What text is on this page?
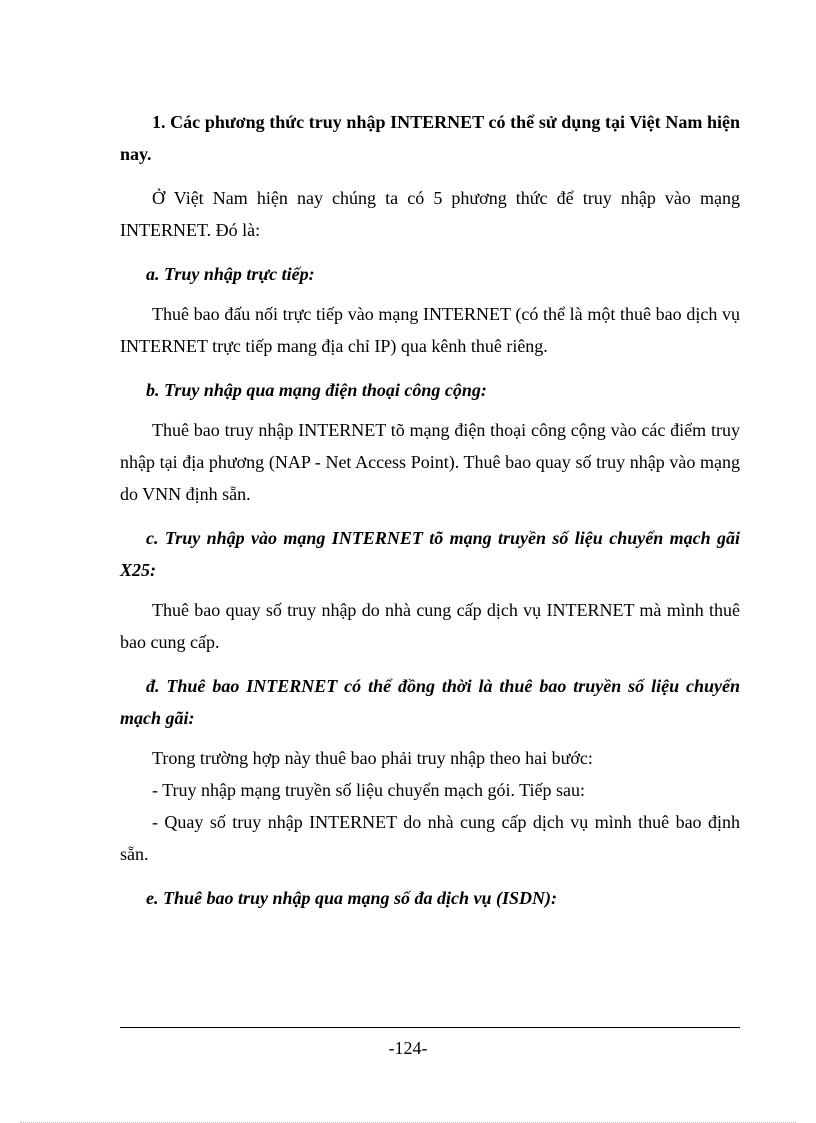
1. Các phương thức truy nhập INTERNET có thể sử dụng tại Việt Nam hiện nay.

Ở Việt Nam hiện nay chúng ta có 5 phương thức để truy nhập vào mạng INTERNET. Đó là:

a. Truy nhập trực tiếp:

Thuê bao đấu nối trực tiếp vào mạng INTERNET (có thể là một thuê bao dịch vụ INTERNET trực tiếp mang địa chỉ IP) qua kênh thuê riêng.

b. Truy nhập qua mạng điện thoại công cộng:

Thuê bao truy nhập INTERNET tõ mạng điện thoại công cộng vào các điểm truy nhập tại địa phương (NAP - Net Access Point). Thuê bao quay số truy nhập vào mạng do VNN định sẵn.

c. Truy nhập vào mạng INTERNET tõ mạng truyền số liệu chuyển mạch gãi X25:

Thuê bao quay số truy nhập do nhà cung cấp dịch vụ INTERNET mà mình thuê bao cung cấp.

đ. Thuê bao INTERNET có thể đồng thời là thuê bao truyền số liệu chuyển mạch gãi:

Trong trường hợp này thuê bao phải truy nhập theo hai bước:

- Truy nhập mạng truyền số liệu chuyển mạch gói. Tiếp sau:

- Quay số truy nhập INTERNET do nhà cung cấp dịch vụ mình thuê bao định sẵn.

e. Thuê bao truy nhập qua mạng số đa dịch vụ (ISDN):

-124-
